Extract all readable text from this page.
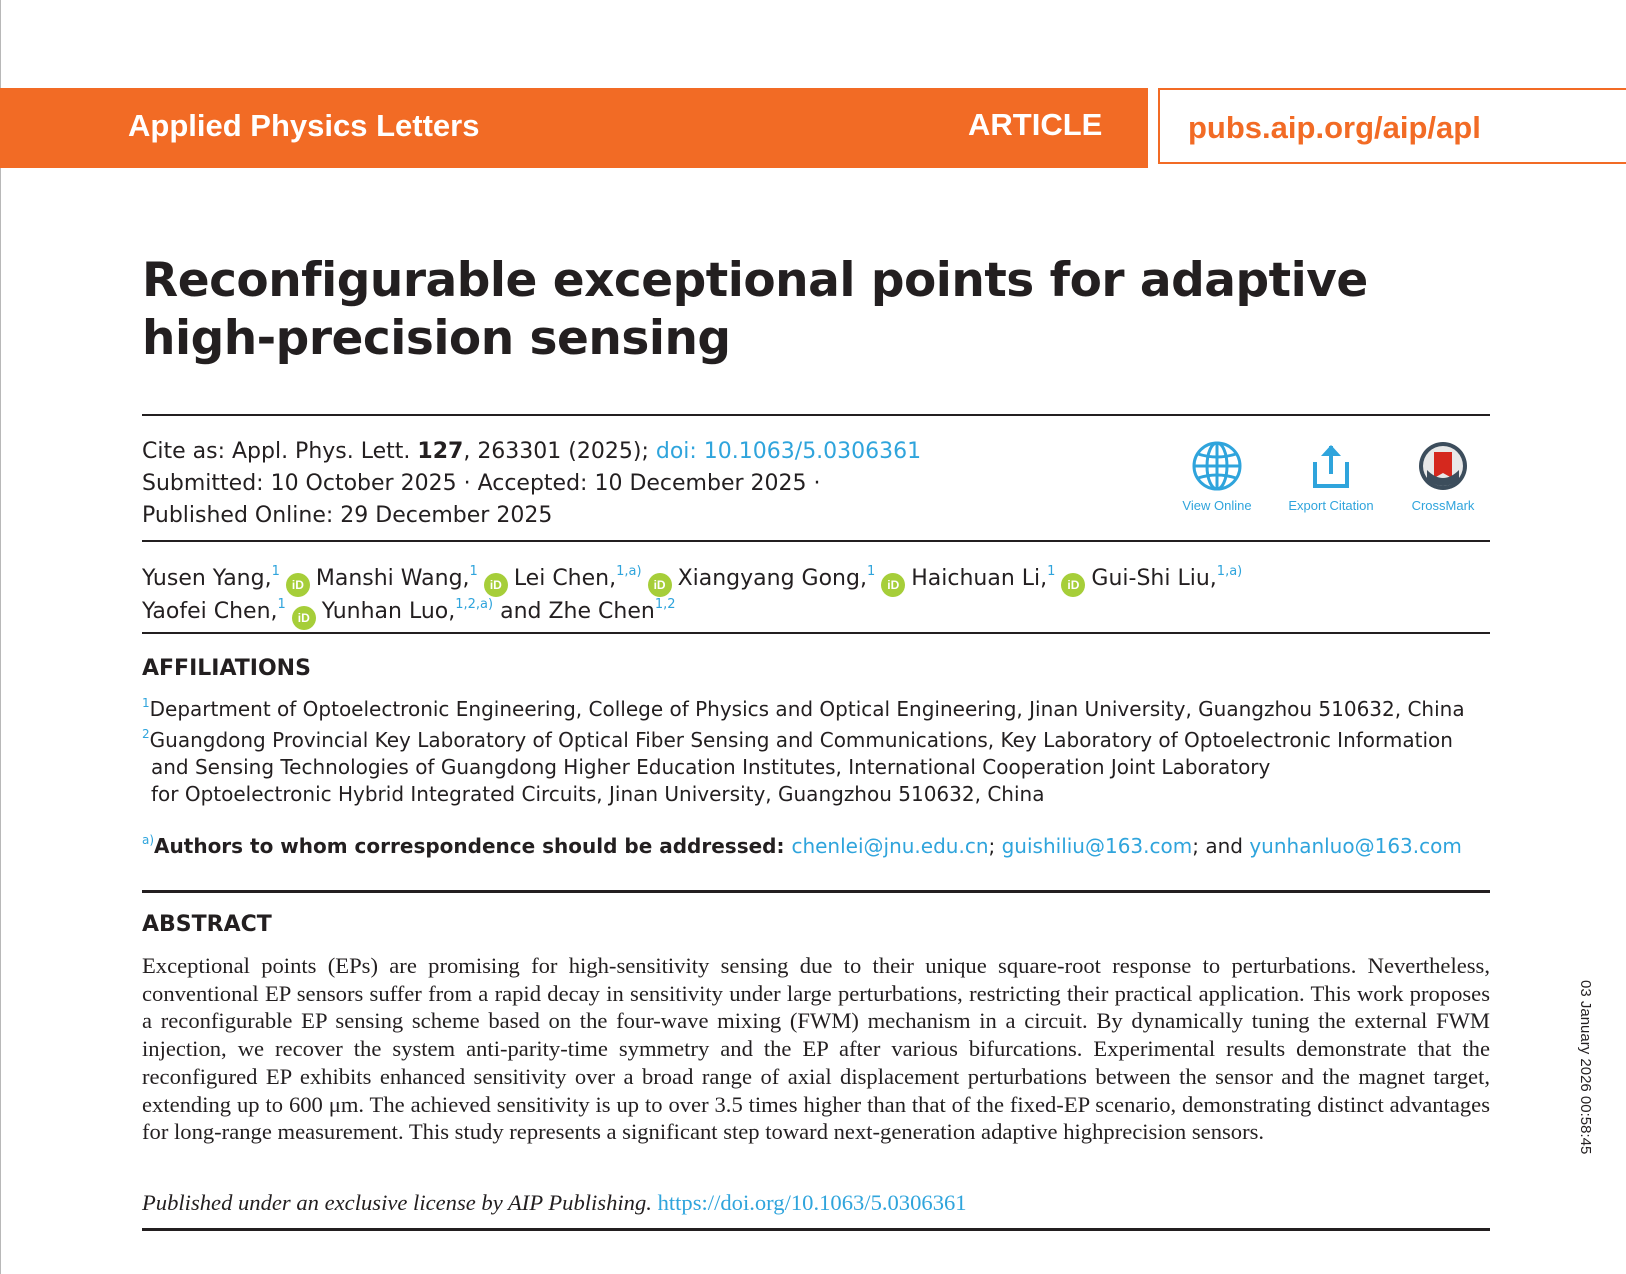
Applied Physics Letters	ARTICLE	pubs.aip.org/aip/apl
Reconfigurable exceptional points for adaptive
high-precision sensing
Cite as: Appl. Phys. Lett. 127, 263301 (2025); doi: 10.1063/5.0306361
Submitted: 10 October 2025 · Accepted: 10 December 2025 ·
Published Online: 29 December 2025	View Online	Export Citation	CrossMark
Yusen Yang,$^1$iD Manshi Wang,$^1$iD Lei Chen,$^{1,a)}$iD Xiangyang Gong,$^1$iD Haichuan Li,$^1$iD Gui-Shi Liu,$^{1,a)}$
Yaofei Chen,$^1$iD Yunhan Luo,$^{1,2,a)}$ and Zhe Chen$^{1,2}$
AFFILIATIONS
$^1$Department of Optoelectronic Engineering, College of Physics and Optical Engineering, Jinan University, Guangzhou 510632, China
$^2$Guangdong Provincial Key Laboratory of Optical Fiber Sensing and Communications, Key Laboratory of Optoelectronic Information
and Sensing Technologies of Guangdong Higher Education Institutes, International Cooperation Joint Laboratory
for Optoelectronic Hybrid Integrated Circuits, Jinan University, Guangzhou 510632, China
$^{a)}$Authors to whom correspondence should be addressed: chenlei@jnu.edu.cn; guishiliu@163.com; and yunhanluo@163.com
ABSTRACT
Exceptional points (EPs) are promising for high-sensitivity sensing due to their unique square-root response to perturbations. Nevertheless, conventional EP sensors suffer from a rapid decay in sensitivity under large perturbations, restricting their practical application. This work proposes a reconfigurable EP sensing scheme based on the four-wave mixing (FWM) mechanism in a circuit. By dynamically tuning the external FWM injection, we recover the system anti-parity-time symmetry and the EP after various bifurcations. Experimental results demonstrate that the reconfigured EP exhibits enhanced sensitivity over a broad range of axial displacement perturbations between the sensor and the magnet target, extending up to 600 μm. The achieved sensitivity is up to over 3.5 times higher than that of the fixed-EP scenario, demonstrating distinct advantages for long-range measurement. This study represents a significant step toward next-generation adaptive highprecision sensors.
Published under an exclusive license by AIP Publishing. https://doi.org/10.1063/5.0306361
03 January 2026 00:58:45
